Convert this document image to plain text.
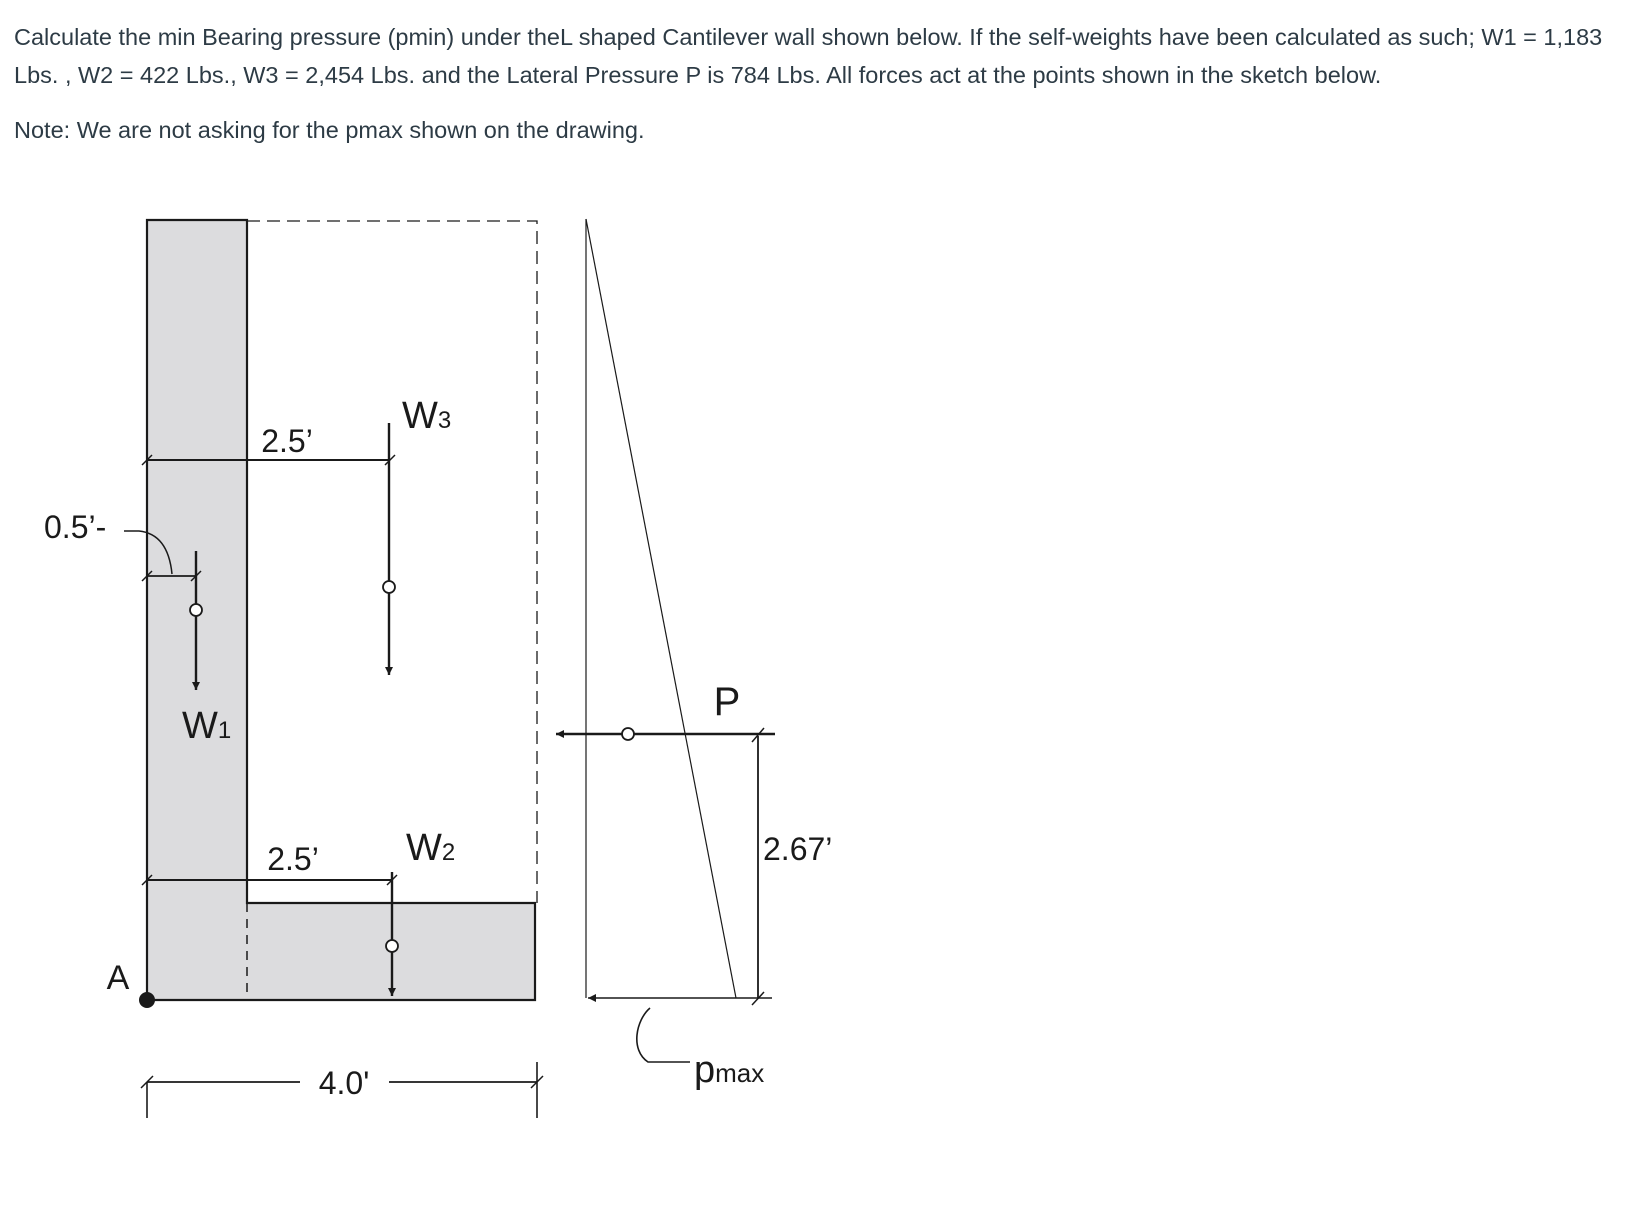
Calculate the min Bearing pressure (pmin) under theL shaped Cantilever wall shown below. If the self-weights have been calculated as such; W1 = 1,183 Lbs. , W2 = 422 Lbs., W3 = 2,454 Lbs. and the Lateral Pressure P is 784 Lbs. All forces act at the points shown in the sketch below.

Note: We are not asking for the pmax shown on the drawing.

A
2.5’
W3
0.5’-
W1
2.5’ W2
4.0'	pmax
P
2.67’
